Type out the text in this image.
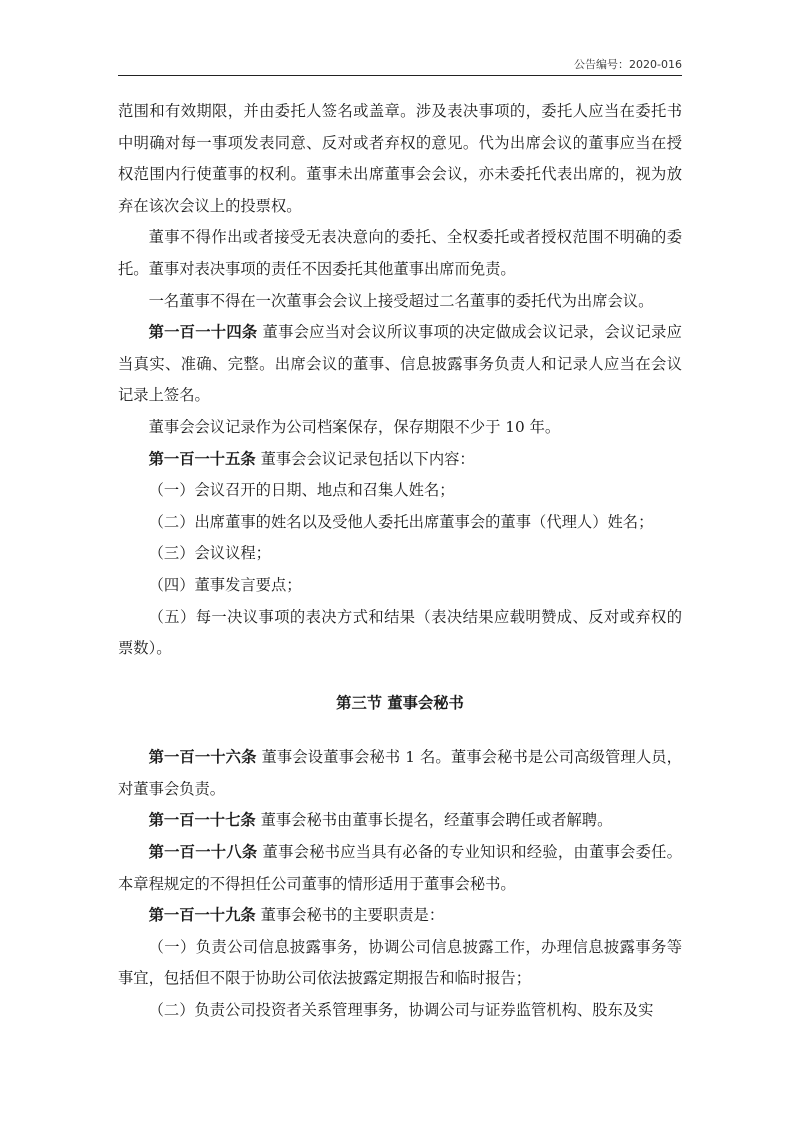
公告编号：2020-016

范围和有效期限，并由委托人签名或盖章。涉及表决事项的，委托人应当在委托书中明确对每一事项发表同意、反对或者弃权的意见。代为出席会议的董事应当在授权范围内行使董事的权利。董事未出席董事会会议，亦未委托代表出席的，视为放弃在该次会议上的投票权。

董事不得作出或者接受无表决意向的委托、全权委托或者授权范围不明确的委托。董事对表决事项的责任不因委托其他董事出席而免责。

一名董事不得在一次董事会会议上接受超过二名董事的委托代为出席会议。

第一百一十四条 董事会应当对会议所议事项的决定做成会议记录，会议记录应当真实、准确、完整。出席会议的董事、信息披露事务负责人和记录人应当在会议记录上签名。

董事会会议记录作为公司档案保存，保存期限不少于 10 年。

第一百一十五条 董事会会议记录包括以下内容：

（一）会议召开的日期、地点和召集人姓名；

（二）出席董事的姓名以及受他人委托出席董事会的董事（代理人）姓名；

（三）会议议程；

（四）董事发言要点；

（五）每一决议事项的表决方式和结果（表决结果应载明赞成、反对或弃权的票数）。

第三节 董事会秘书

第一百一十六条 董事会设董事会秘书 1 名。董事会秘书是公司高级管理人员，对董事会负责。

第一百一十七条 董事会秘书由董事长提名，经董事会聘任或者解聘。

第一百一十八条 董事会秘书应当具有必备的专业知识和经验，由董事会委任。本章程规定的不得担任公司董事的情形适用于董事会秘书。

第一百一十九条 董事会秘书的主要职责是：

（一）负责公司信息披露事务，协调公司信息披露工作，办理信息披露事务等事宜，包括但不限于协助公司依法披露定期报告和临时报告；

（二）负责公司投资者关系管理事务，协调公司与证券监管机构、股东及实
